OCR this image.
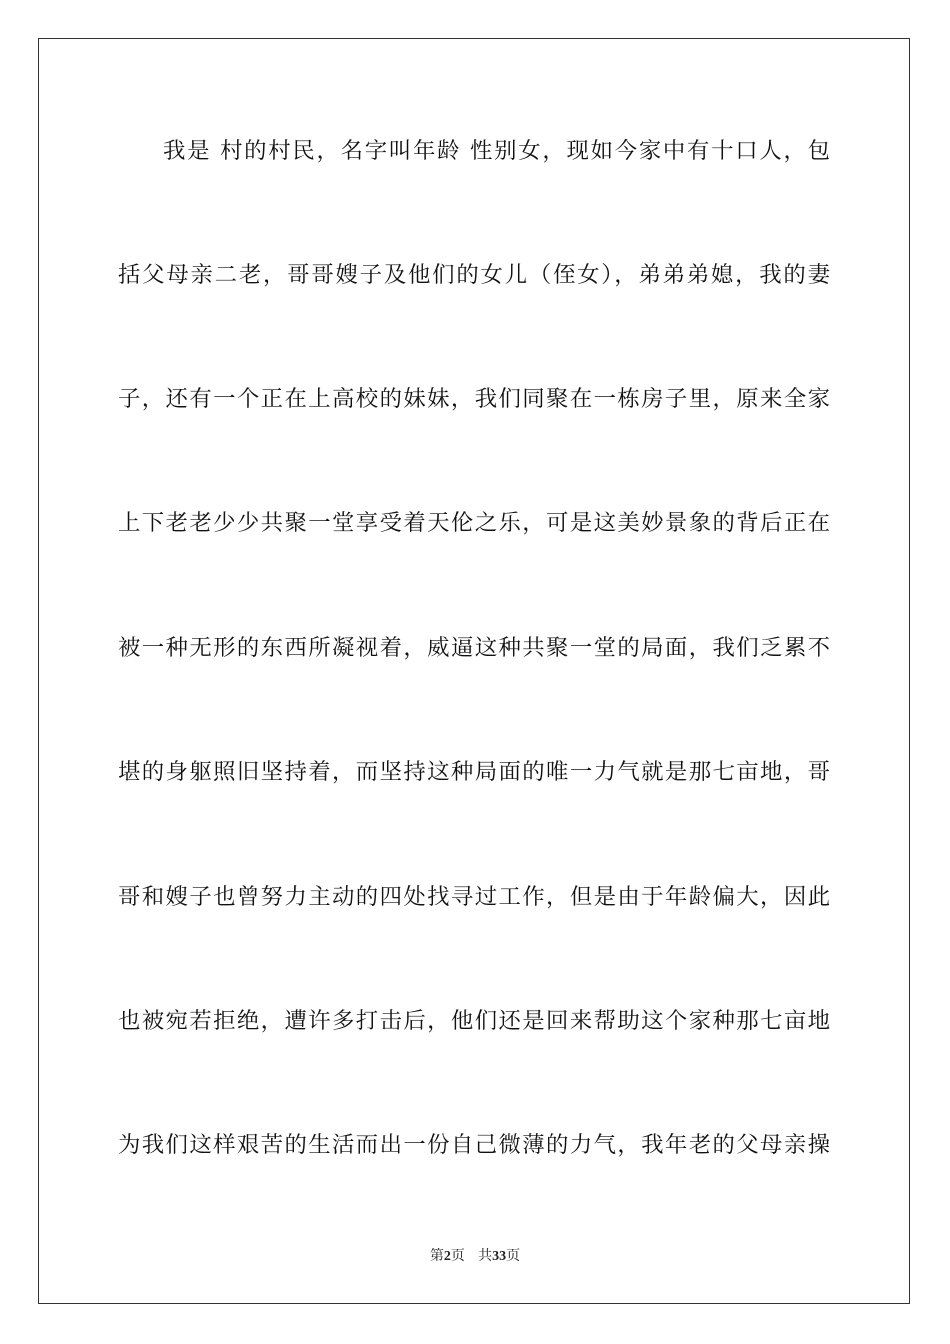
我是 村的村民，名字叫年龄 性别女，现如今家中有十口人，包
括父母亲二老，哥哥嫂子及他们的女儿（侄女），弟弟弟媳，我的妻
子，还有一个正在上高校的妹妹，我们同聚在一栋房子里，原来全家
上下老老少少共聚一堂享受着天伦之乐，可是这美妙景象的背后正在
被一种无形的东西所凝视着，威逼这种共聚一堂的局面，我们乏累不
堪的身躯照旧坚持着，而坚持这种局面的唯一力气就是那七亩地，哥
哥和嫂子也曾努力主动的四处找寻过工作，但是由于年龄偏大，因此
也被宛若拒绝，遭许多打击后，他们还是回来帮助这个家种那七亩地
为我们这样艰苦的生活而出一份自己微薄的力气，我年老的父母亲操
第2页 共33页
